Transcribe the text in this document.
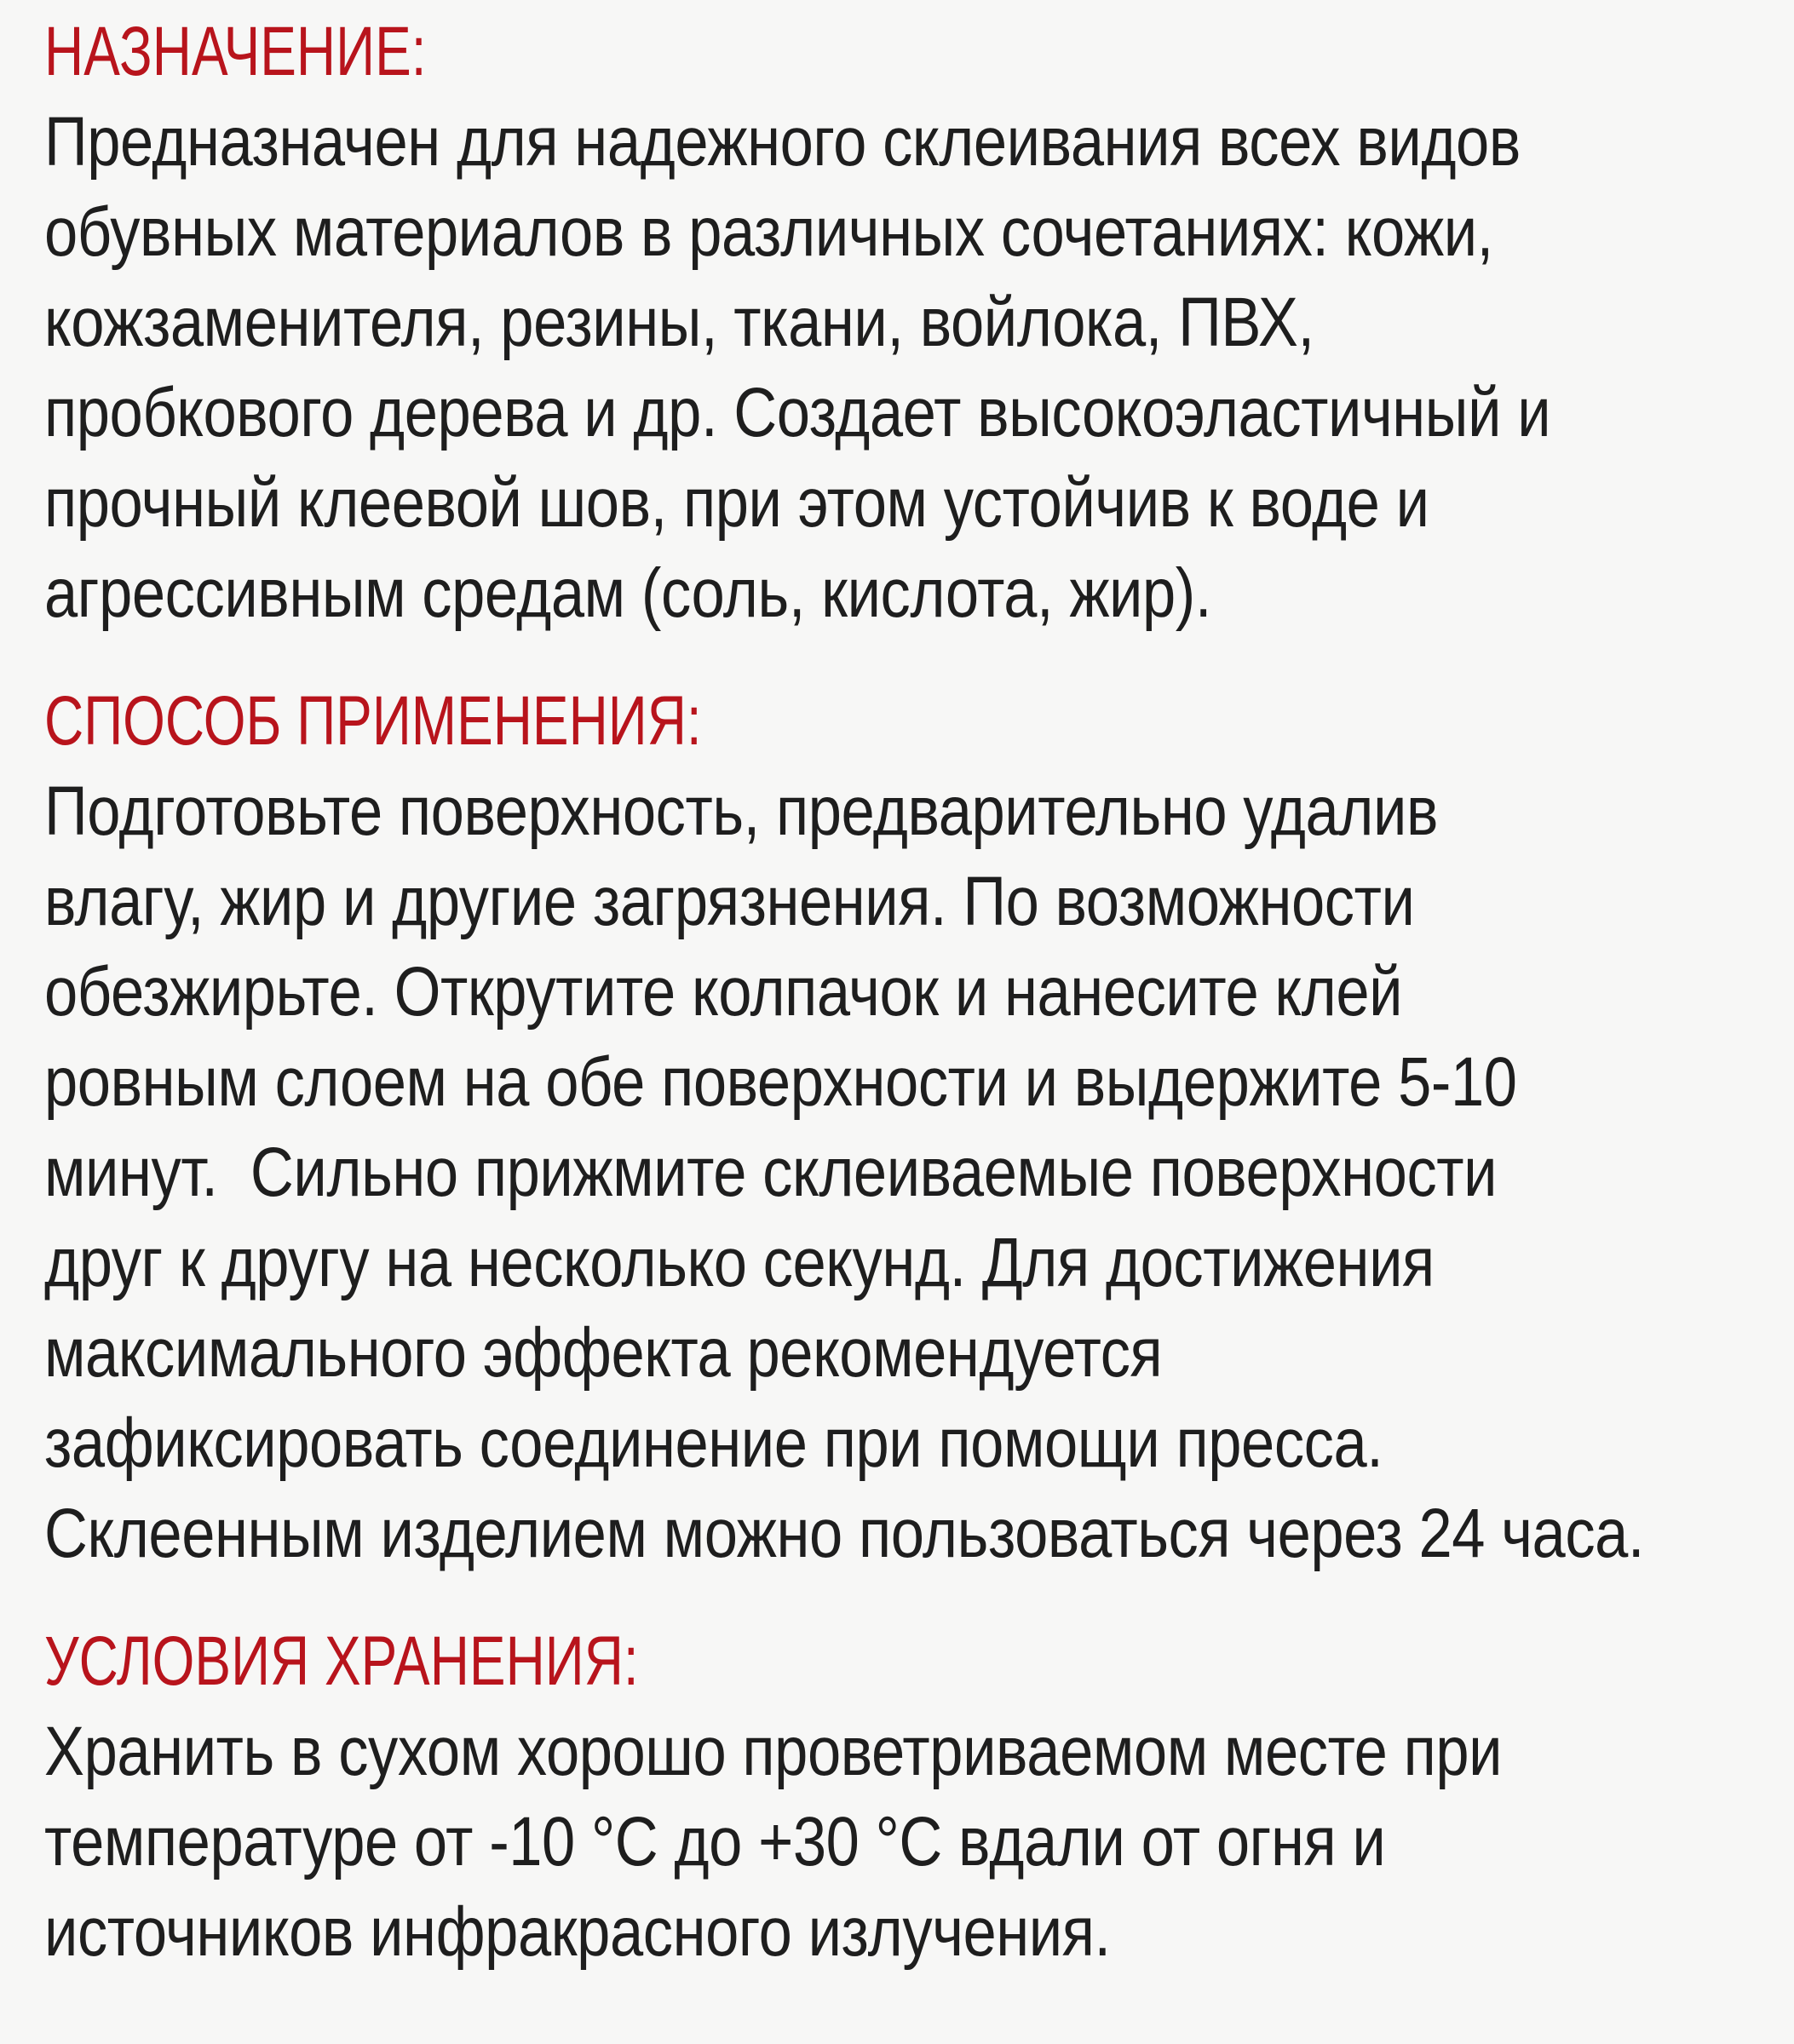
НАЗНАЧЕНИЕ:

Предназначен для надежного склеивания всех видов
обувных материалов в различных сочетаниях: кожи,
кожзаменителя, резины, ткани, войлока, ПВХ,
пробкового дерева и др. Создает высокоэластичный и
прочный клеевой шов, при этом устойчив к воде и
агрессивным средам (соль, кислота, жир).

СПОСОБ ПРИМЕНЕНИЯ:

Подготовьте поверхность, предварительно удалив
влагу, жир и другие загрязнения. По возможности
обезжирьте. Открутите колпачок и нанесите клей
ровным слоем на обе поверхности и выдержите 5-10
минут.  Сильно прижмите склеиваемые поверхности
друг к другу на несколько секунд. Для достижения
максимального эффекта рекомендуется
зафиксировать соединение при помощи пресса.
Склеенным изделием можно пользоваться через 24 часа.

УСЛОВИЯ ХРАНЕНИЯ:

Хранить в сухом хорошо проветриваемом месте при
температуре от -10 °С до +30 °С вдали от огня и
источников инфракрасного излучения.
